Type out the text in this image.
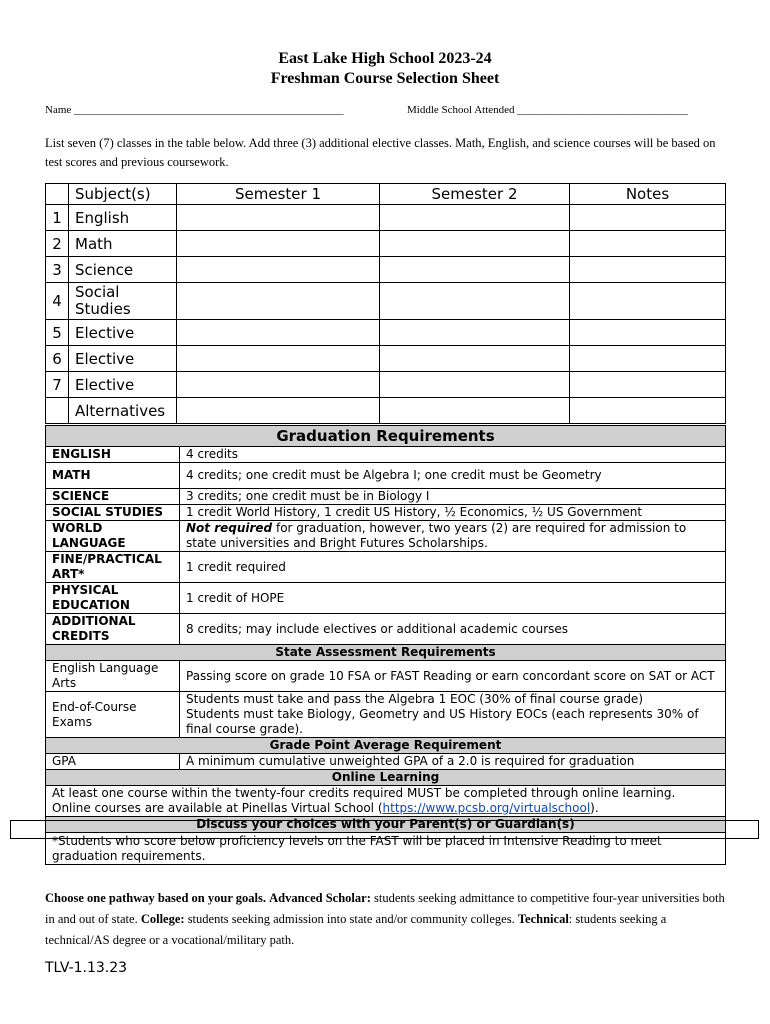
East Lake High School 2023-24
Freshman Course Selection Sheet
Name _________________________________________________	Middle School Attended _______________________________
List seven (7) classes in the table below. Add three (3) additional elective classes. Math, English, and science courses will be based on test scores and previous coursework.
	Subject(s)	Semester 1	Semester 2	Notes
1	English			
2	Math			
3	Science			
4	Social Studies			
5	Elective			
6	Elective			
7	Elective			
	Alternatives			
Graduation Requirements	
ENGLISH	4 credits
MATH	4 credits; one credit must be Algebra I; one credit must be Geometry
SCIENCE	3 credits; one credit must be in Biology I
SOCIAL STUDIES	1 credit World History, 1 credit US History, ½ Economics, ½ US Government
WORLD LANGUAGE	Not required for graduation, however, two years (2) are required for admission to state universities and Bright Futures Scholarships.
FINE/PRACTICAL ART*	1 credit required
PHYSICAL EDUCATION	1 credit of HOPE
ADDITIONAL CREDITS	8 credits; may include electives or additional academic courses
State Assessment Requirements	
English Language Arts	Passing score on grade 10 FSA or FAST Reading or earn concordant score on SAT or ACT
End-of-Course Exams	Students must take and pass the Algebra 1 EOC (30% of final course grade)
Students must take Biology, Geometry and US History EOCs (each represents 30% of final course grade).

Grade Point Average Requirement	
GPA	A minimum cumulative unweighted GPA of a 2.0 is required for graduation
Online Learning	

At least one course within the twenty-four credits required MUST be completed through online learning.
Online courses are available at Pinellas Virtual School (https://www.pcsb.org/virtualschool).	

Discuss your choices with your Parent(s) or Guardian(s)	
*Students who score below proficiency levels on the FAST will be placed in Intensive Reading to meet graduation requirements.	
Choose one pathway based on your goals. Advanced Scholar: students seeking admittance to competitive four-year universities both in and out of state. College: students seeking admission into state and/or community colleges. Technical: students seeking a technical/AS degree or a vocational/military path.
TLV-1.13.23
